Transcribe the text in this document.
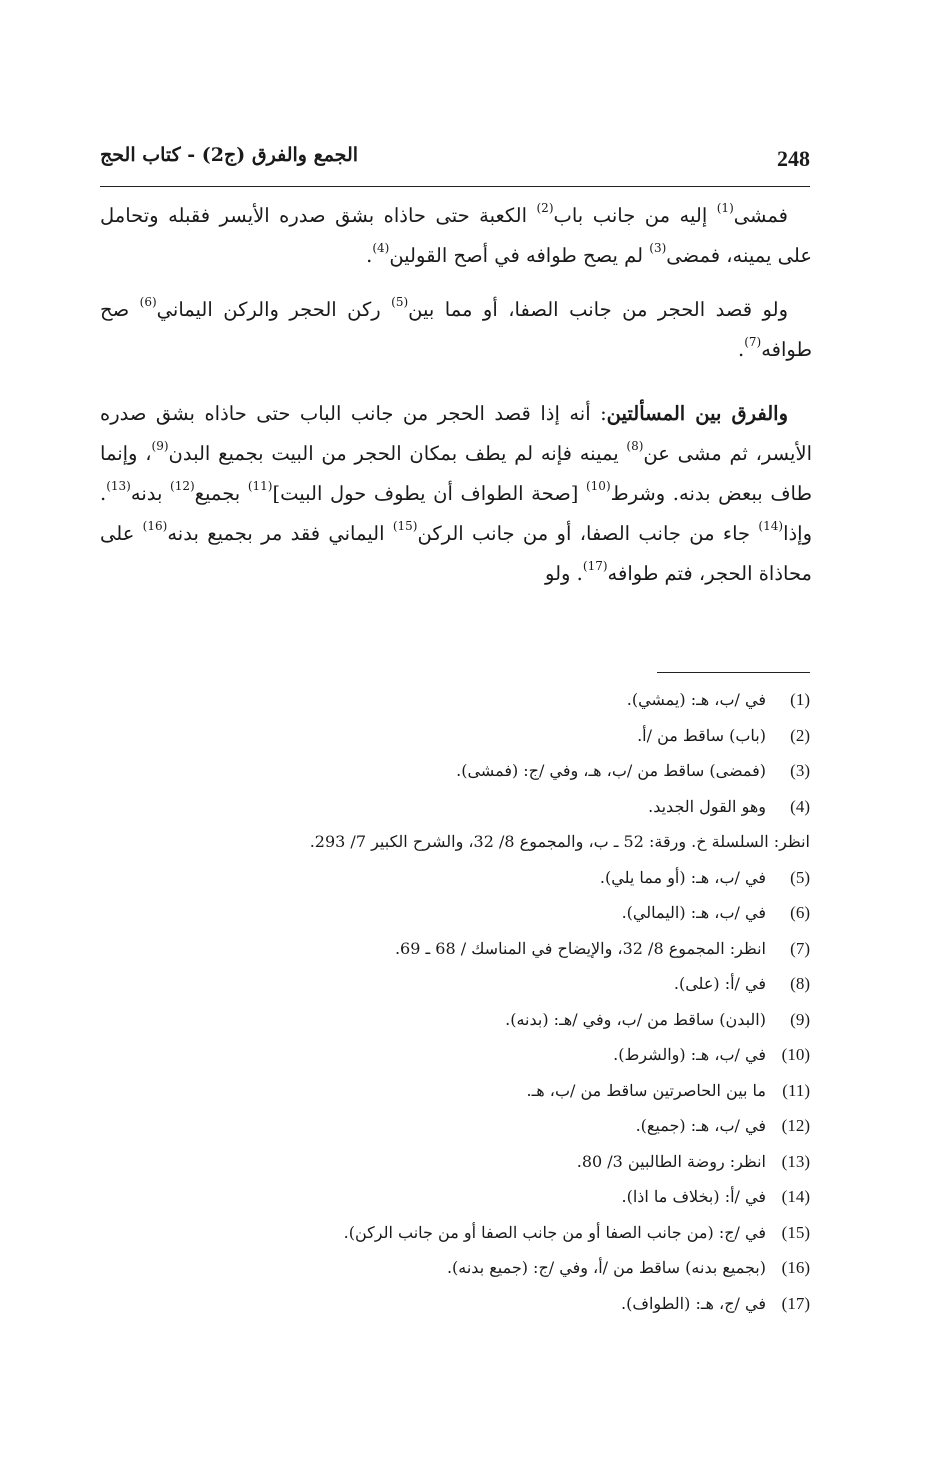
248
الجمع والفرق (ج2) - كتاب الحج

فمشى$^{(1)}$ إليه من جانب باب$^{(2)}$ الكعبة حتى حاذاه بشق صدره الأيسر فقبله وتحامل على يمينه، فمضى$^{(3)}$ لم يصح طوافه في أصح القولين$^{(4)}$.

ولو قصد الحجر من جانب الصفا، أو مما بين$^{(5)}$ ركن الحجر والركن اليماني$^{(6)}$ صح طوافه$^{(7)}$.

والفرق بين المسألتين: أنه إذا قصد الحجر من جانب الباب حتى حاذاه بشق صدره الأيسر، ثم مشى عن$^{(8)}$ يمينه فإنه لم يطف بمكان الحجر من البيت بجميع البدن$^{(9)}$، وإنما طاف ببعض بدنه. وشرط$^{(10)}$ [صحة الطواف أن يطوف حول البيت]$^{(11)}$ بجميع$^{(12)}$ بدنه$^{(13)}$. وإذا$^{(14)}$ جاء من جانب الصفا، أو من جانب الركن$^{(15)}$ اليماني فقد مر بجميع بدنه$^{(16)}$ على محاذاة الحجر، فتم طوافه$^{(17)}$. ولو

(1)
في /ب، هـ: (يمشي).
(2)
(باب) ساقط من /أ.
(3)
(فمضى) ساقط من /ب، هـ، وفي /ج: (فمشى).
(4)
وهو القول الجديد.
انظر: السلسلة خ. ورقة: 52 ـ ب، والمجموع 8/ 32، والشرح الكبير 7/ 293.
(5)
في /ب، هـ: (أو مما يلي).
(6)
في /ب، هـ: (اليمالي).
(7)
انظر: المجموع 8/ 32، والإيضاح في المناسك / 68 ـ 69.
(8)
في /أ: (على).
(9)
(البدن) ساقط من /ب، وفي /هـ: (بدنه).
(10)
في /ب، هـ: (والشرط).
(11)
ما بين الحاصرتين ساقط من /ب، هـ.
(12)
في /ب، هـ: (جميع).
(13)
انظر: روضة الطالبين 3/ 80.
(14)
في /أ: (بخلاف ما اذا).
(15)
في /ج: (من جانب الصفا أو من جانب الصفا أو من جانب الركن).
(16)
(بجميع بدنه) ساقط من /أ، وفي /ج: (جميع بدنه).
(17)
في /ج، هـ: (الطواف).
